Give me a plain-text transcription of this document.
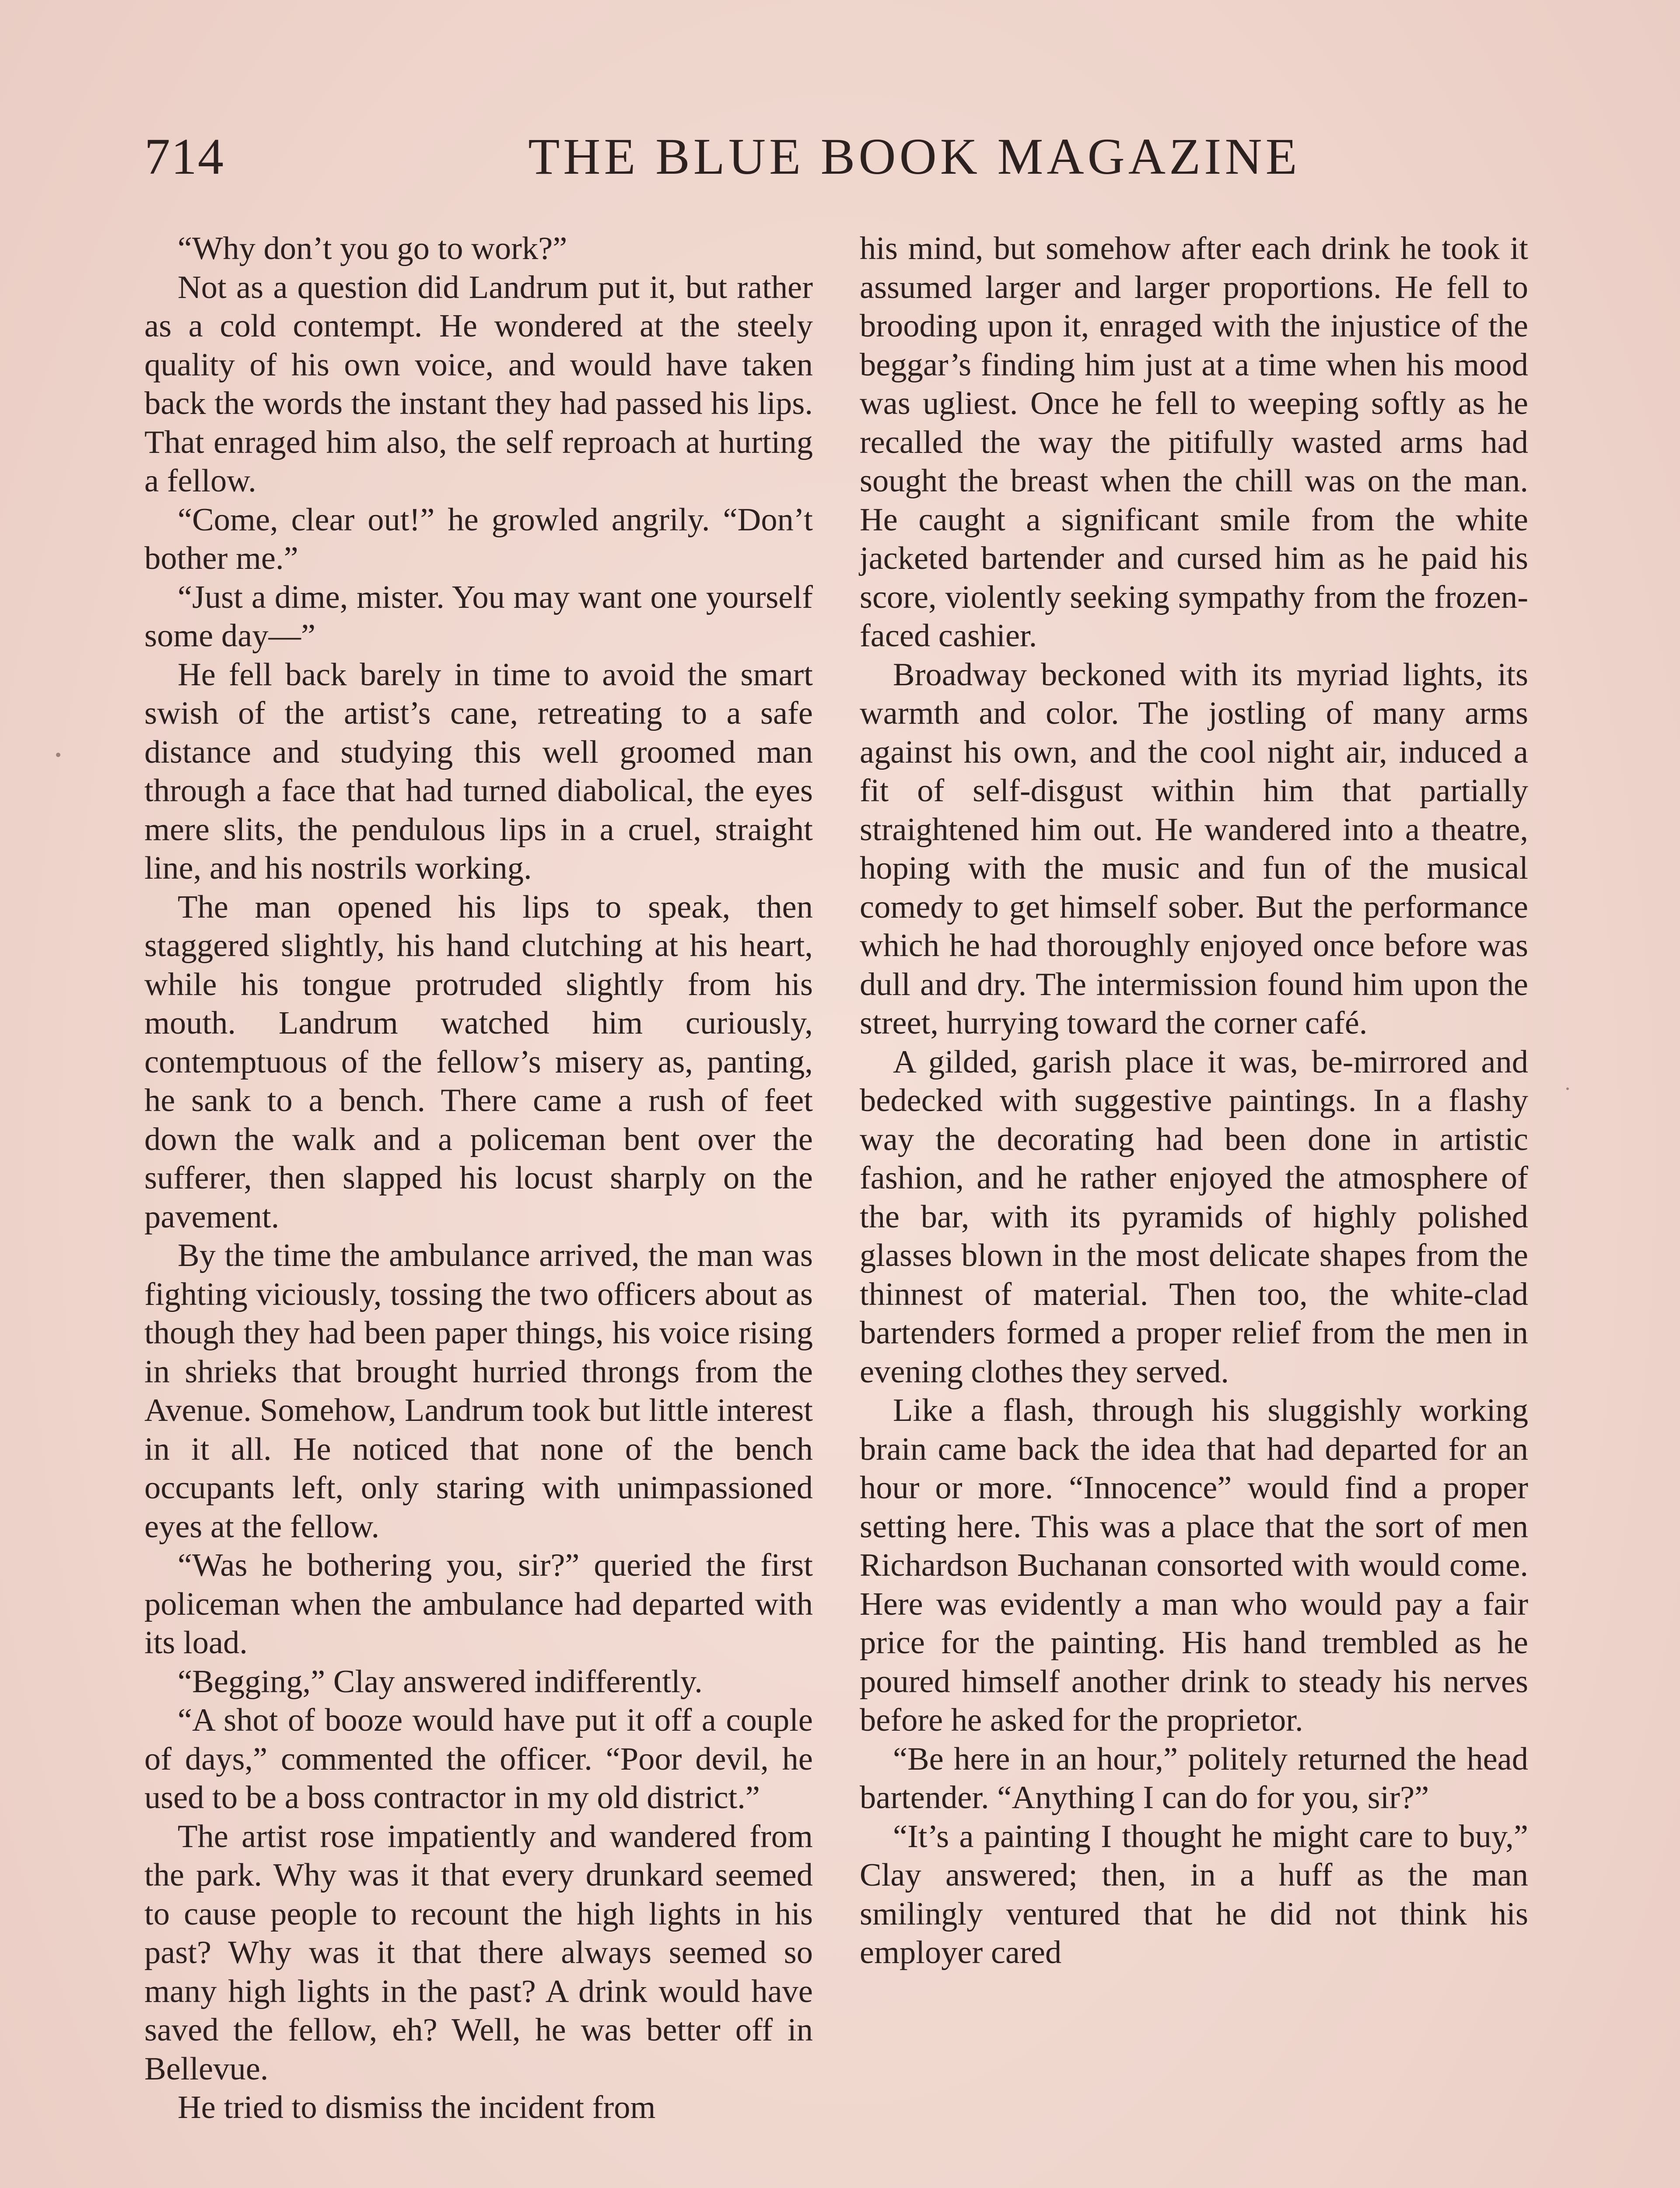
714	THE BLUE BOOK MAGAZINE

“Why don’t you go to work?”

Not as a question did Landrum put it, but rather as a cold contempt. He wondered at the steely quality of his own voice, and would have taken back the words the instant they had passed his lips. That enraged him also, the self reproach at hurting a fellow.

“Come, clear out!” he growled angrily. “Don’t bother me.”

“Just a dime, mister. You may want one yourself some day—”

He fell back barely in time to avoid the smart swish of the artist’s cane, retreating to a safe distance and studying this well groomed man through a face that had turned diabolical, the eyes mere slits, the pendulous lips in a cruel, straight line, and his nostrils working.

The man opened his lips to speak, then staggered slightly, his hand clutching at his heart, while his tongue protruded slightly from his mouth. Landrum watched him curiously, contemptuous of the fellow’s misery as, panting, he sank to a bench. There came a rush of feet down the walk and a policeman bent over the sufferer, then slapped his locust sharply on the pavement.

By the time the ambulance arrived, the man was fighting viciously, tossing the two officers about as though they had been paper things, his voice rising in shrieks that brought hurried throngs from the Avenue. Somehow, Landrum took but little interest in it all. He noticed that none of the bench occupants left, only staring with unimpassioned eyes at the fellow.

“Was he bothering you, sir?” queried the first policeman when the ambulance had departed with its load.

“Begging,” Clay answered indifferently.

“A shot of booze would have put it off a couple of days,” commented the officer. “Poor devil, he used to be a boss contractor in my old district.”

The artist rose impatiently and wandered from the park. Why was it that every drunkard seemed to cause people to recount the high lights in his past? Why was it that there always seemed so many high lights in the past? A drink would have saved the fellow, eh? Well, he was better off in Bellevue.

He tried to dismiss the incident from

his mind, but somehow after each drink he took it assumed larger and larger proportions. He fell to brooding upon it, enraged with the injustice of the beggar’s finding him just at a time when his mood was ugliest. Once he fell to weeping softly as he recalled the way the pitifully wasted arms had sought the breast when the chill was on the man. He caught a significant smile from the white jacketed bartender and cursed him as he paid his score, violently seeking sympathy from the frozen-faced cashier.

Broadway beckoned with its myriad lights, its warmth and color. The jostling of many arms against his own, and the cool night air, induced a fit of self-disgust within him that partially straightened him out. He wandered into a theatre, hoping with the music and fun of the musical comedy to get himself sober. But the performance which he had thoroughly enjoyed once before was dull and dry. The intermission found him upon the street, hurrying toward the corner café.

A gilded, garish place it was, be-mirrored and bedecked with suggestive paintings. In a flashy way the decorating had been done in artistic fashion, and he rather enjoyed the atmosphere of the bar, with its pyramids of highly polished glasses blown in the most delicate shapes from the thinnest of material. Then too, the white-clad bartenders formed a proper relief from the men in evening clothes they served.

Like a flash, through his sluggishly working brain came back the idea that had departed for an hour or more. “Innocence” would find a proper setting here. This was a place that the sort of men Richardson Buchanan consorted with would come. Here was evidently a man who would pay a fair price for the painting. His hand trembled as he poured himself another drink to steady his nerves before he asked for the proprietor.

“Be here in an hour,” politely returned the head bartender. “Anything I can do for you, sir?”

“It’s a painting I thought he might care to buy,” Clay answered; then, in a huff as the man smilingly ventured that he did not think his employer cared
